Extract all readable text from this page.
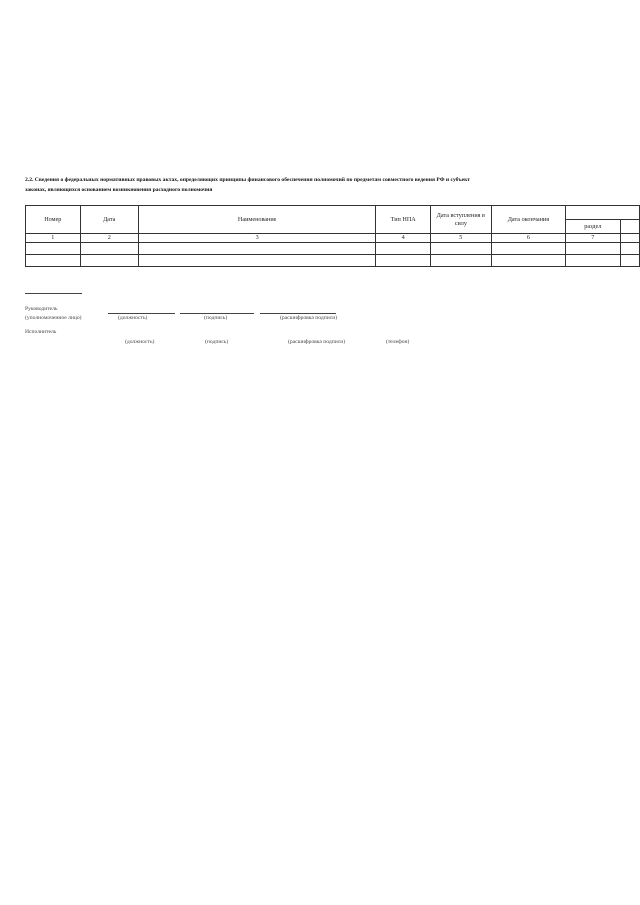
2.2. Сведения о федеральных нормативных правовых актах, определяющих принципы финансового обеспечения полномочий по предметам совместного ведения РФ и субъект
законах, являющихся основанием возникновения расходного полномочия
Номер	Дата	Наименование	Тип НПА	Дата вступления в силу	Дата окончания		
						раздел	
1	2	3	4	5	6	7	

Руководитель
(уполномоченное лицо)	(должность)	(подпись)	(расшифровка подписи)
Исполнитель
(должность)	(подпись)	(расшифровка подписи)	(телефон)
